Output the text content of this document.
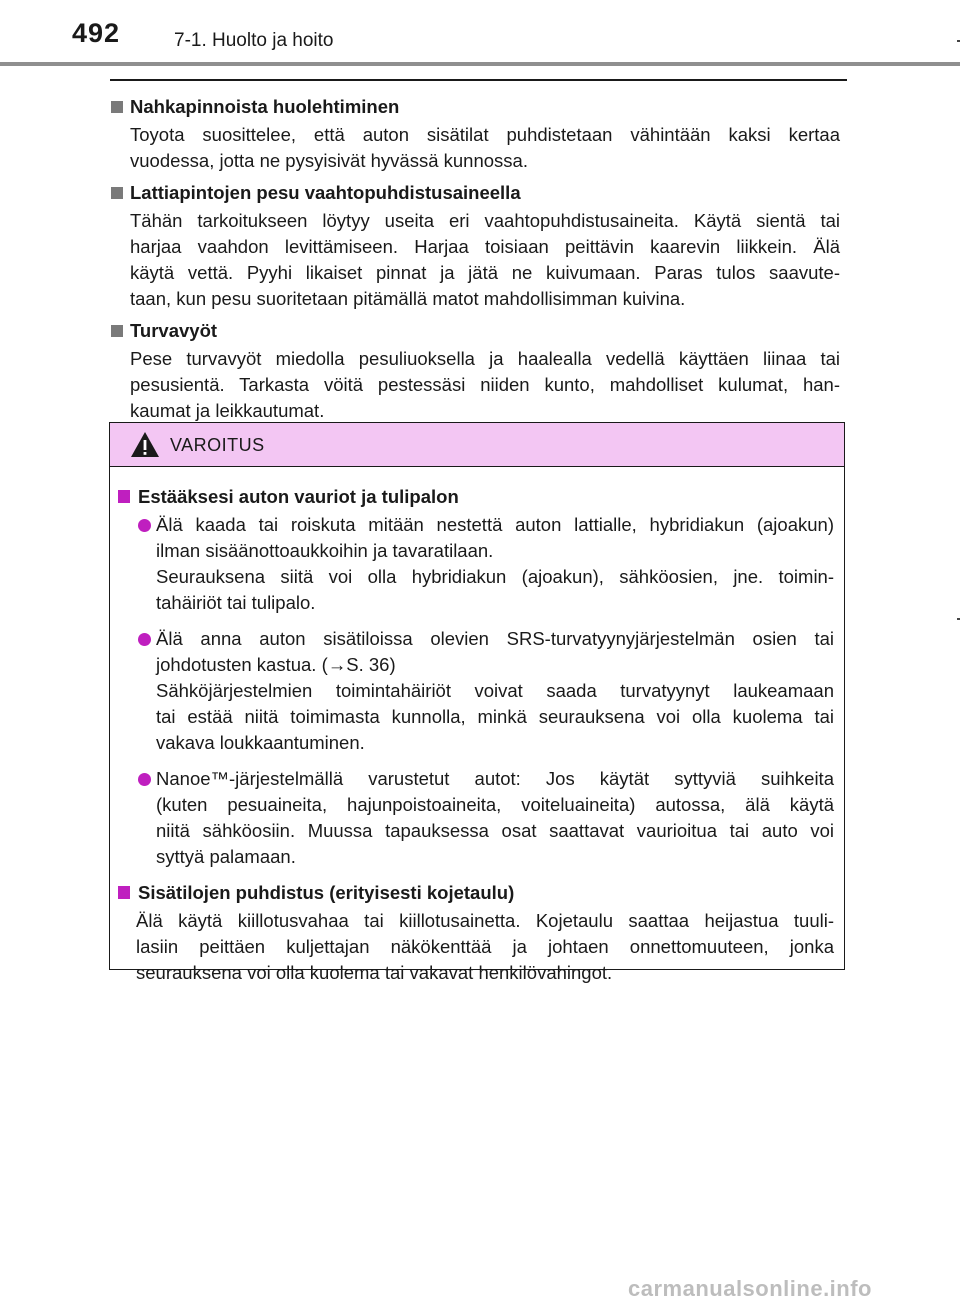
492	7-1. Huolto ja hoito
Nahkapinnoista huolehtiminen
Toyota suosittelee, että auton sisätilat puhdistetaan vähintään kaksi kertaa
vuodessa, jotta ne pysyisivät hyvässä kunnossa.
Lattiapintojen pesu vaahtopuhdistusaineella
Tähän tarkoitukseen löytyy useita eri vaahtopuhdistusaineita. Käytä sientä tai
harjaa vaahdon levittämiseen. Harjaa toisiaan peittävin kaarevin liikkein. Älä
käytä vettä. Pyyhi likaiset pinnat ja jätä ne kuivumaan. Paras tulos saavute-
taan, kun pesu suoritetaan pitämällä matot mahdollisimman kuivina.
Turvavyöt
Pese turvavyöt miedolla pesuliuoksella ja haalealla vedellä käyttäen liinaa tai
pesusientä. Tarkasta vöitä pestessäsi niiden kunto, mahdolliset kulumat, han-
kaumat ja leikkautumat.
VAROITUS
Estääksesi auton vauriot ja tulipalon
Älä kaada tai roiskuta mitään nestettä auton lattialle, hybridiakun (ajoakun)
ilman sisäänottoaukkoihin ja tavaratilaan.
Seurauksena siitä voi olla hybridiakun (ajoakun), sähköosien, jne. toimin-
tahäiriöt tai tulipalo.
Älä anna auton sisätiloissa olevien SRS-turvatyynyjärjestelmän osien tai
johdotusten kastua. (→S. 36)
Sähköjärjestelmien toimintahäiriöt voivat saada turvatyynyt laukeamaan
tai estää niitä toimimasta kunnolla, minkä seurauksena voi olla kuolema tai
vakava loukkaantuminen.
Nanoe™-järjestelmällä varustetut autot: Jos käytät syttyviä suihkeita
(kuten pesuaineita, hajunpoistoaineita, voiteluaineita) autossa, älä käytä
niitä sähköosiin. Muussa tapauksessa osat saattavat vaurioitua tai auto voi
syttyä palamaan.
Sisätilojen puhdistus (erityisesti kojetaulu)
Älä käytä kiillotusvahaa tai kiillotusainetta. Kojetaulu saattaa heijastua tuuli-
lasiin peittäen kuljettajan näkökenttää ja johtaen onnettomuuteen, jonka
seurauksena voi olla kuolema tai vakavat henkilövahingot.
carmanualsonline.info
